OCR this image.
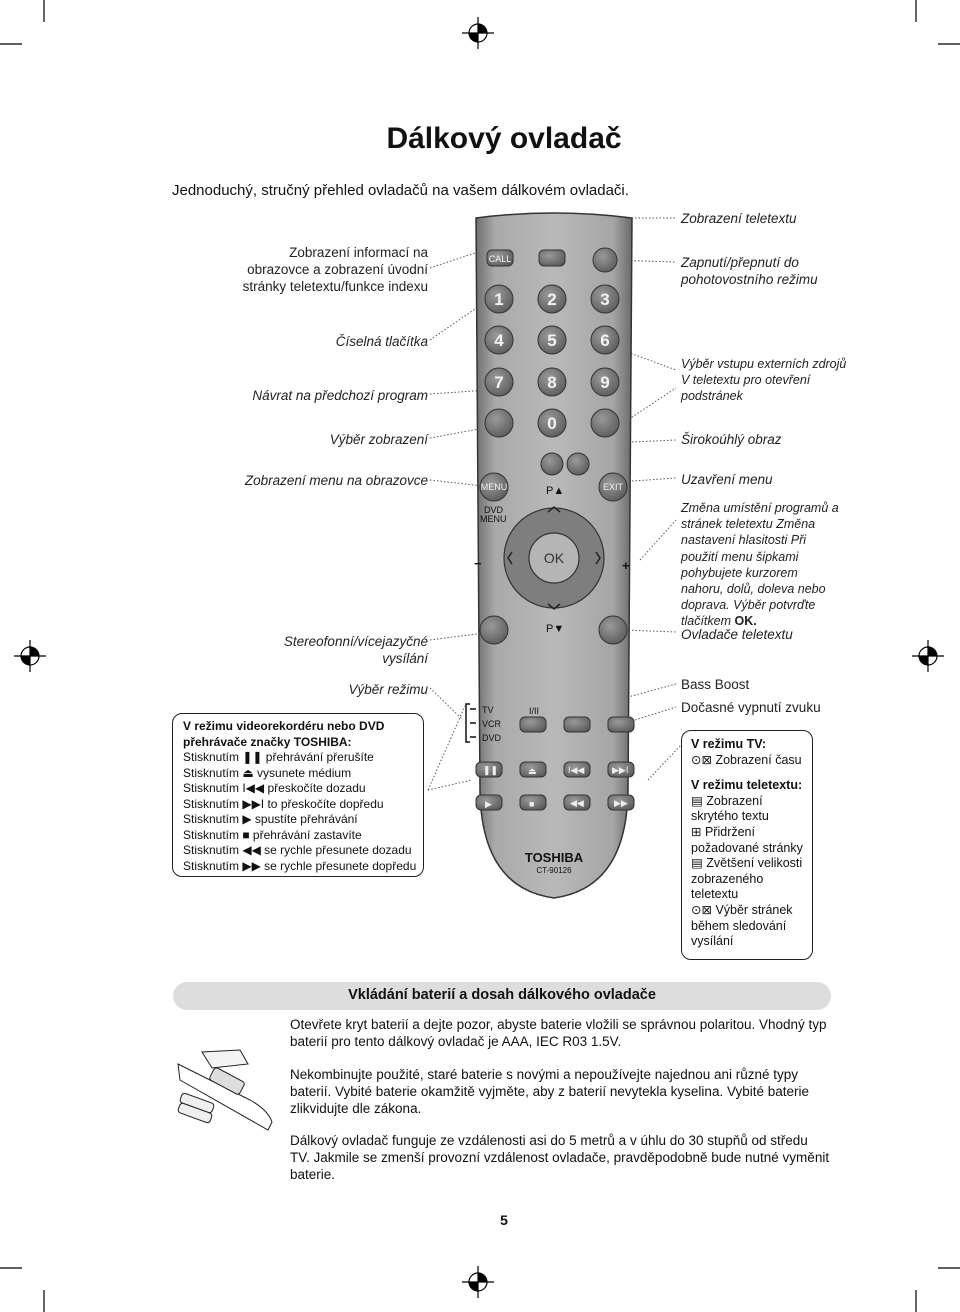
Dálkový ovladač
Jednoduchý, stručný přehled ovladačů na vašem dálkovém ovladači.
Zobrazení informací na obrazovce a zobrazení úvodní stránky teletextu/funkce indexu
Číselná tlačítka
Návrat na předchozí program
Výběr zobrazení
Zobrazení menu na obrazovce
Stereofonní/vícejazyčné vysílání
Výběr režimu
Zobrazení teletextu
Zapnutí/přepnutí do pohotovostního režimu
Výběr vstupu externích zdrojů V teletextu pro otevření podstránek
Širokoúhlý obraz
Uzavření menu
Změna umístění programů a stránek teletextu Změna nastavení hlasitosti Při použití menu šipkami pohybujete kurzorem nahoru, dolů, doleva nebo doprava. Výběr potvrďte tlačítkem OK.
Ovladače teletextu
Bass Boost
Dočasné vypnutí zvuku
V režimu videorekordéru nebo DVD přehrávače značky TOSHIBA:
Stisknutím ❚❚ přehrávání přerušíte
Stisknutím ⏏ vysunete médium
Stisknutím I◀◀ přeskočíte dozadu
Stisknutím ▶▶I to přeskočíte dopředu
Stisknutím ▶ spustíte přehrávání
Stisknutím ■ přehrávání zastavíte
Stisknutím ◀◀ se rychle přesunete dozadu
Stisknutím ▶▶ se rychle přesunete dopředu
V režimu TV:
⊙⊠ Zobrazení času
V režimu teletextu:
▤ Zobrazení skrytého textu
⊞ Přidržení požadované stránky
▤ Zvětšení velikosti zobrazeného teletextu
⊙⊠ Výběr stránek během sledování vysílání
❚❚	⏏	I◀◀	▶▶I
▶	■	◀◀	▶▶
1	2	3
4	5	6
7	8	9
0
CALL
MENU	EXIT
OK
DVD
MENU
P▲
P▼
TV
VCR
DVD
I/II
TOSHIBA
CT-90126
−	+
Vkládání baterií a dosah dálkového ovladače
Otevřete kryt baterií a dejte pozor, abyste baterie vložili se správnou polaritou. Vhodný typ baterií pro tento dálkový ovladač je AAA, IEC R03 1.5V.
Nekombinujte použité, staré baterie s novými a nepoužívejte najednou ani různé typy baterií. Vybité baterie okamžitě vyjměte, aby z baterií nevytekla kyselina. Vybité baterie zlikvidujte dle zákona.
Dálkový ovladač funguje ze vzdálenosti asi do 5 metrů a v úhlu do 30 stupňů od středu TV. Jakmile se zmenší provozní vzdálenost ovladače, pravděpodobně bude nutné vyměnit baterie.
5
